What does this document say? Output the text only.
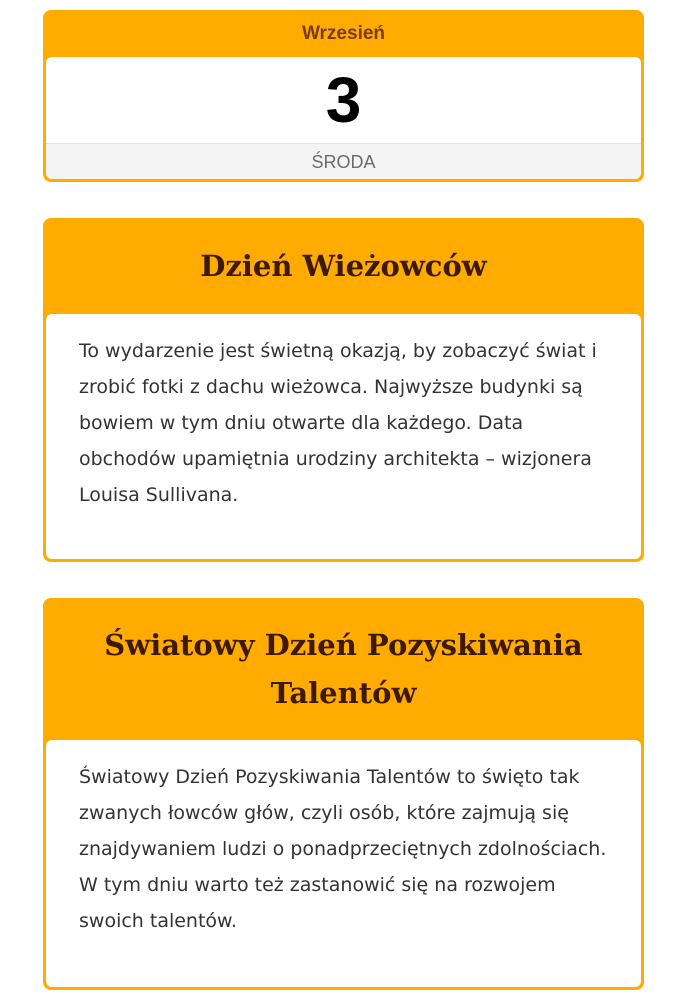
Wrzesień
3
ŚRODA
Dzień Wieżowców
To wydarzenie jest świetną okazją, by zobaczyć świat i zrobić fotki z dachu wieżowca. Najwyższe budynki są bowiem w tym dniu otwarte dla każdego. Data obchodów upamiętnia urodziny architekta – wizjonera Louisa Sullivana.
Światowy Dzień Pozyskiwania Talentów
Światowy Dzień Pozyskiwania Talentów to święto tak zwanych łowców głów, czyli osób, które zajmują się znajdywaniem ludzi o ponadprzeciętnych zdolnościach. W tym dniu warto też zastanowić się na rozwojem swoich talentów.
